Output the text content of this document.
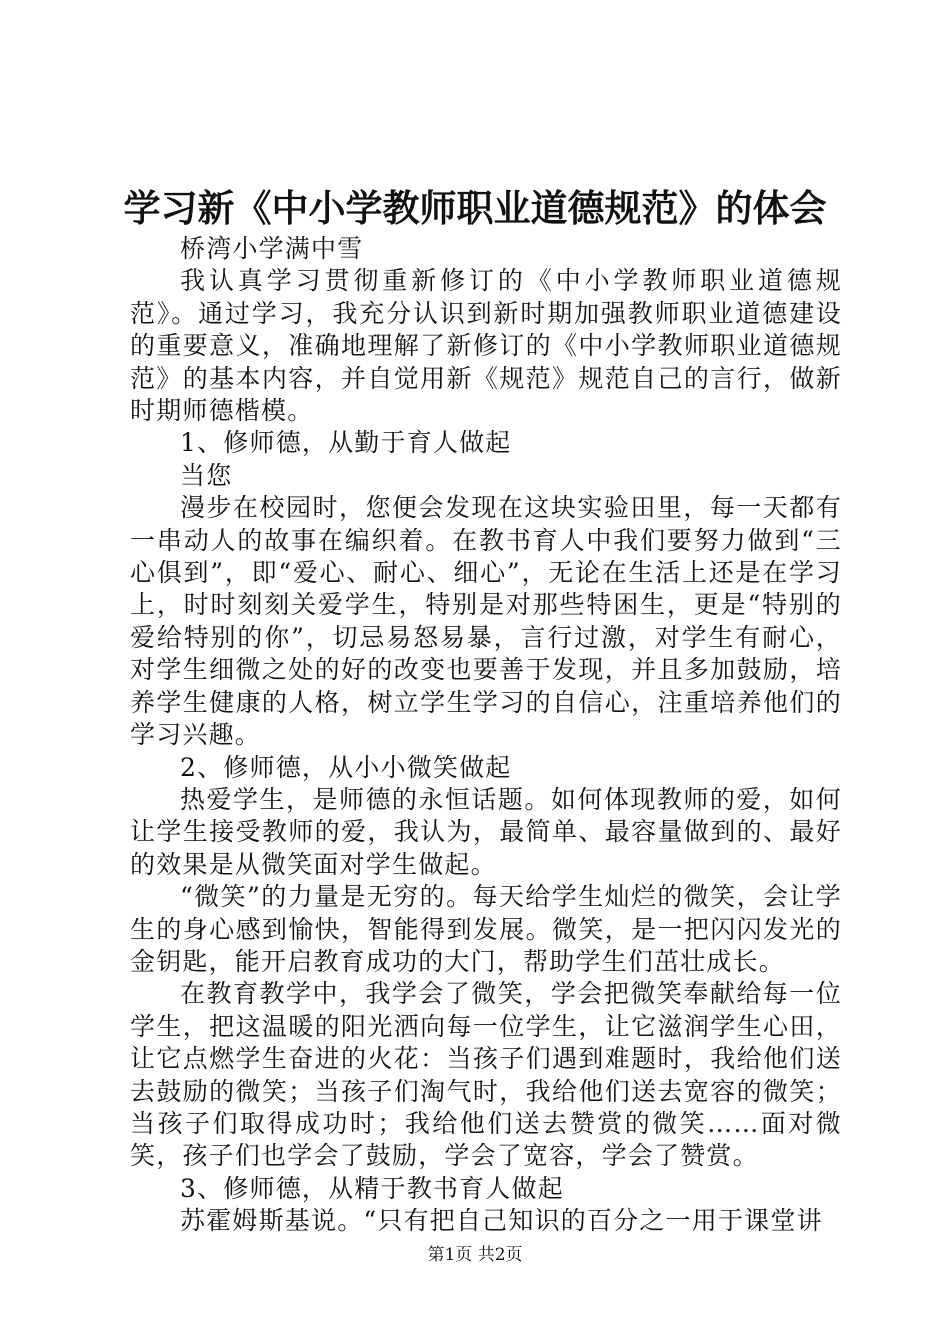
学习新《中小学教师职业道德规范》的体会

桥湾小学满中雪

我认真学习贯彻重新修订的《中小学教师职业道德规范》。通过学习，我充分认识到新时期加强教师职业道德建设的重要意义，准确地理解了新修订的《中小学教师职业道德规范》的基本内容，并自觉用新《规范》规范自己的言行，做新时期师德楷模。

1、修师德，从勤于育人做起

当您

漫步在校园时，您便会发现在这块实验田里，每一天都有一串动人的故事在编织着。在教书育人中我们要努力做到“三心俱到”，即“爱心、耐心、细心”，无论在生活上还是在学习上，时时刻刻关爱学生，特别是对那些特困生，更是“特别的爱给特别的你”，切忌易怒易暴，言行过激，对学生有耐心，对学生细微之处的好的改变也要善于发现，并且多加鼓励，培养学生健康的人格，树立学生学习的自信心，注重培养他们的学习兴趣。

2、修师德，从小小微笑做起

热爱学生，是师德的永恒话题。如何体现教师的爱，如何让学生接受教师的爱，我认为，最简单、最容量做到的、最好的效果是从微笑面对学生做起。

“微笑”的力量是无穷的。每天给学生灿烂的微笑，会让学生的身心感到愉快，智能得到发展。微笑，是一把闪闪发光的金钥匙，能开启教育成功的大门，帮助学生们茁壮成长。

在教育教学中，我学会了微笑，学会把微笑奉献给每一位学生，把这温暖的阳光洒向每一位学生，让它滋润学生心田，让它点燃学生奋进的火花：当孩子们遇到难题时，我给他们送去鼓励的微笑；当孩子们淘气时，我给他们送去宽容的微笑；当孩子们取得成功时；我给他们送去赞赏的微笑……面对微笑，孩子们也学会了鼓励，学会了宽容，学会了赞赏。

3、修师德，从精于教书育人做起

苏霍姆斯基说。“只有把自己知识的百分之一用于课堂讲

第1页 共2页
